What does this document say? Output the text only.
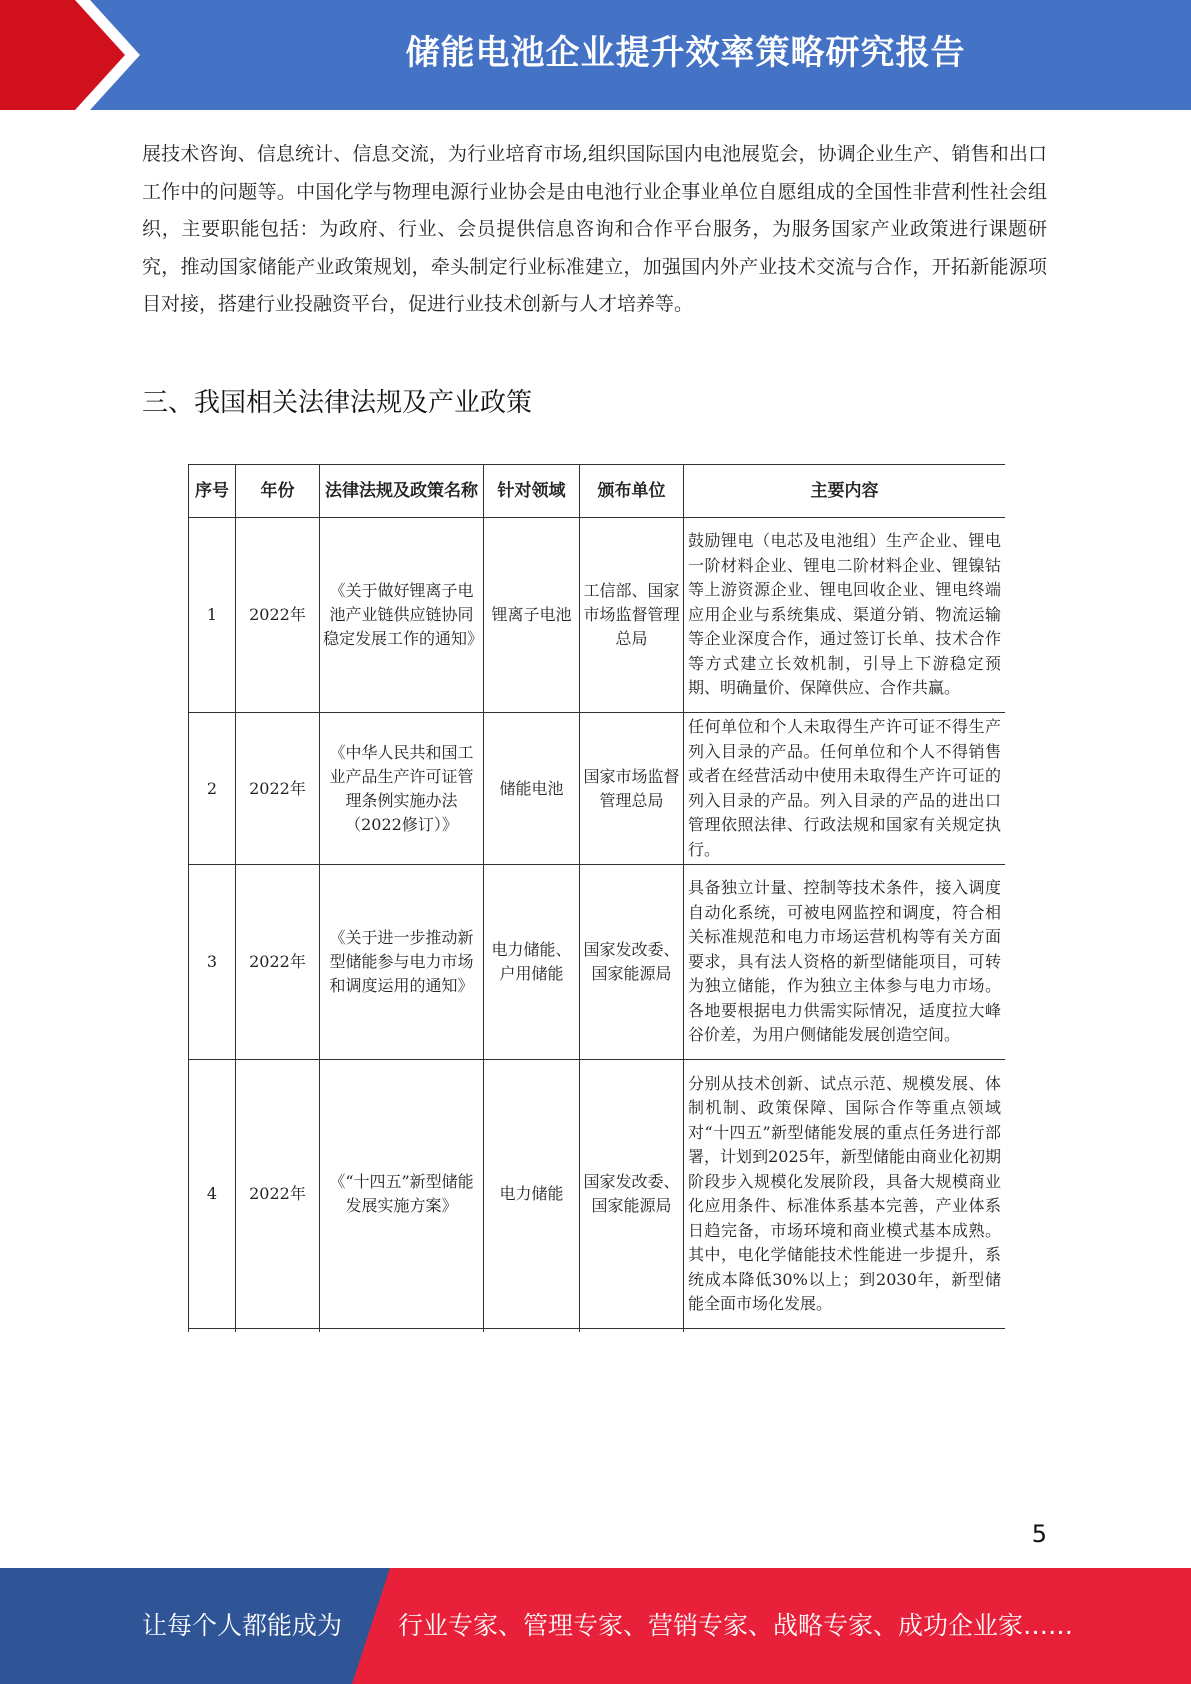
储能电池企业提升效率策略研究报告
展技术咨询、信息统计、信息交流，为行业培育市场,组织国际国内电池展览会，协调企业生产、销售和出口工作中的问题等。中国化学与物理电源行业协会是由电池行业企事业单位自愿组成的全国性非营利性社会组织，主要职能包括：为政府、行业、会员提供信息咨询和合作平台服务，为服务国家产业政策进行课题研究，推动国家储能产业政策规划，牵头制定行业标准建立，加强国内外产业技术交流与合作，开拓新能源项目对接，搭建行业投融资平台，促进行业技术创新与人才培养等。
三、我国相关法律法规及产业政策
序号	年份	法律法规及政策名称	针对领域	颁布单位	主要内容
1	2022年	《关于做好锂离子电池产业链供应链协同稳定发展工作的通知》	锂离子电池	工信部、国家市场监督管理总局	鼓励锂电（电芯及电池组）生产企业、锂电一阶材料企业、锂电二阶材料企业、锂镍钴等上游资源企业、锂电回收企业、锂电终端应用企业与系统集成、渠道分销、物流运输等企业深度合作，通过签订长单、技术合作等方式建立长效机制，引导上下游稳定预期、明确量价、保障供应、合作共赢。
2	2022年	《中华人民共和国工业产品生产许可证管理条例实施办法（2022修订）》	储能电池	国家市场监督管理总局	任何单位和个人未取得生产许可证不得生产列入目录的产品。任何单位和个人不得销售或者在经营活动中使用未取得生产许可证的列入目录的产品。列入目录的产品的进出口管理依照法律、行政法规和国家有关规定执行。
3	2022年	《关于进一步推动新型储能参与电力市场和调度运用的通知》	电力储能、户用储能	国家发改委、国家能源局	具备独立计量、控制等技术条件，接入调度自动化系统，可被电网监控和调度，符合相关标准规范和电力市场运营机构等有关方面要求，具有法人资格的新型储能项目，可转为独立储能，作为独立主体参与电力市场。各地要根据电力供需实际情况，适度拉大峰谷价差，为用户侧储能发展创造空间。
4	2022年	《“十四五”新型储能发展实施方案》	电力储能	国家发改委、国家能源局	分别从技术创新、试点示范、规模发展、体制机制、政策保障、国际合作等重点领域对“十四五”新型储能发展的重点任务进行部署，计划到2025年，新型储能由商业化初期阶段步入规模化发展阶段，具备大规模商业化应用条件、标准体系基本完善，产业体系日趋完备，市场环境和商业模式基本成熟。其中，电化学储能技术性能进一步提升，系统成本降低30%以上；到2030年，新型储能全面市场化发展。

5
让每个人都能成为 行业专家、管理专家、营销专家、战略专家、成功企业家……
